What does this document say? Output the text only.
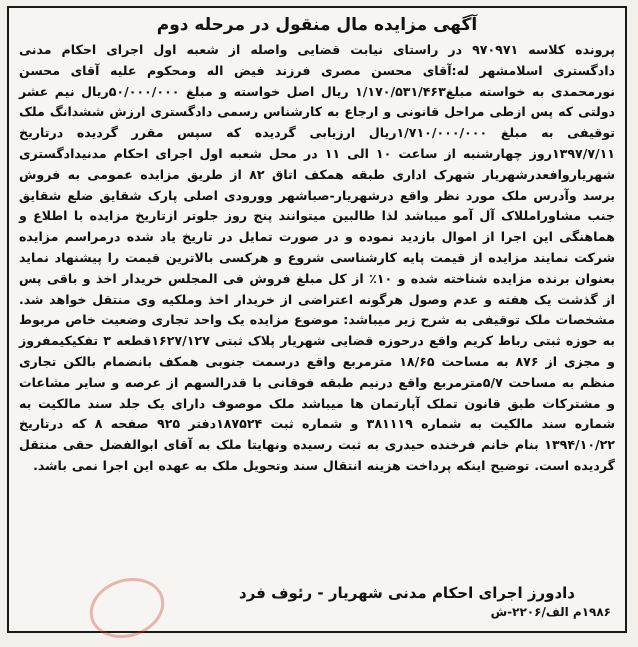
آگهی مزایده مال منقول در مرحله دوم

پرونده کلاسه ۹۷۰۹۷۱ در راستای نیابت قضایی واصله از شعبه اول اجرای احکام مدنی دادگستری اسلامشهر له:آقای محسن مصری فرزند فیض اله ومحکوم علیه آقای محسن نورمحمدی به خواسته مبلغ۱/۱۷۰/۵۳۱/۴۶۳ ریال اصل خواسته و مبلغ ۵۰/۰۰۰/۰۰۰ریال نیم عشر دولتی که پس ازطی مراحل قانونی و ارجاع به کارشناس رسمی دادگستری ارزش ششدانگ ملک توقیفی به مبلغ ۱/۷۱۰/۰۰۰/۰۰۰ریال ارزیابی گردیده که سپس مقرر گردیده درتاریخ ۱۳۹۷/۷/۱۱روز چهارشنبه از ساعت ۱۰ الی ۱۱ در محل شعبه اول اجرای احکام مدنیدادگستری شهریاروافعدرشهریار شهرک اداری طبقه همکف اتاق ۸۲ از طریق مزایده عمومی به فروش برسد وآدرس ملک مورد نظر واقع درشهریار-صباشهر وورودی اصلی پارک شقایق ضلع شقایق جنب مشاورامللاک آل آمو میباشد لذا طالبین میتوانند پنج روز جلوتر ازتاریخ مزایده با اطلاع و هماهنگی این اجرا از اموال بازدید نموده و در صورت تمایل در تاریخ یاد شده درمراسم مزایده شرکت نمایند مزایده از قیمت پایه کارشناسی شروع و هرکسی بالاترین قیمت را پیشنهاد نماید بعنوان برنده مزایده شناخته شده و ۱۰٪ از کل مبلغ فروش فی المجلس خریدار اخذ و باقی پس از گذشت یک هفته و عدم وصول هرگونه اعتراضی از خریدار اخذ وملکیه وی منتقل خواهد شد. مشخصات ملک توقیفی به شرح زیر میباشد: موضوع مزایده یک واحد تجاری وضعیت خاص مربوط به حوزه ثبتی رباط کریم واقع درحوزه قضایی شهریار پلاک ثبتی ۱۶۲۷/۱۲۷قطعه ۳ تفکیکیمفروز و مجزی از ۸۷۶ به مساحت ۱۸/۶۵ مترمربع واقع درسمت جنوبی همکف بانضمام بالکن تجاری منظم به مساحت ۵/۷مترمربع واقع درنیم طبقه فوقانی با قدرالسهم از عرصه و سایر مشاعات و مشترکات طبق قانون تملک آپارتمان ها میباشد ملک موصوف دارای یک جلد سند مالکیت به شماره سند مالکیت به شماره ۳۸۱۱۱۹ و شماره ثبت ۱۸۷۵۲۴دفتر ۹۲۵ صفحه ۸ که درتاریخ ۱۳۹۴/۱۰/۲۲ بنام خانم فرخنده حیدری به ثبت رسیده ونهایتا ملک به آقای ابوالفضل حقی منتقل گردیده است. توضیح اینکه پرداخت هزینه انتقال سند وتحویل ملک به عهده این اجرا نمی باشد.

دادورز اجرای احکام مدنی شهریار - رئوف فرد
۱۹۸۶م الف/۲۲۰۶-ش
